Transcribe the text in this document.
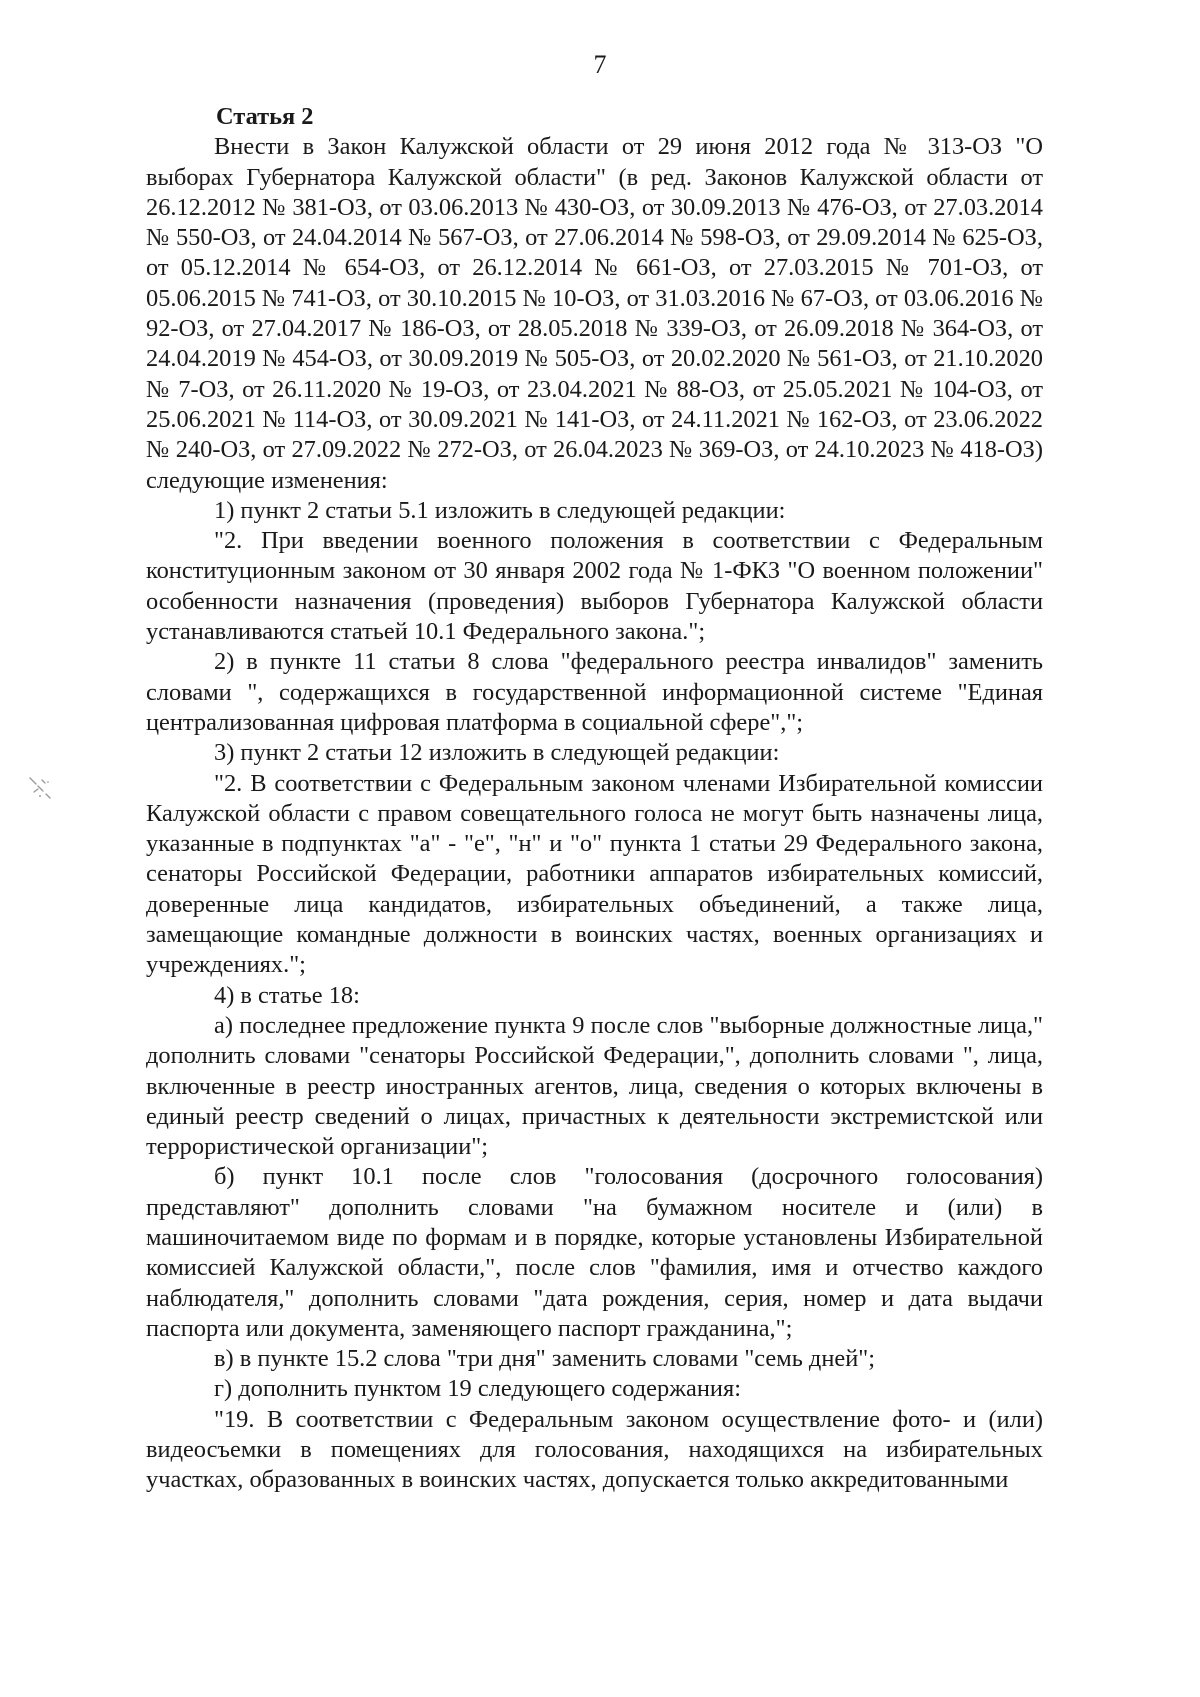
7

Статья 2

Внести в Закон Калужской области от 29 июня 2012 года № 313-ОЗ "О выборах Губернатора Калужской области" (в ред. Законов Калужской области от 26.12.2012 № 381-ОЗ, от 03.06.2013 № 430-ОЗ, от 30.09.2013 № 476-ОЗ, от 27.03.2014 № 550-ОЗ, от 24.04.2014 № 567-ОЗ, от 27.06.2014 № 598-ОЗ, от 29.09.2014 № 625-ОЗ, от 05.12.2014 № 654-ОЗ, от 26.12.2014 № 661-ОЗ, от 27.03.2015 № 701-ОЗ, от 05.06.2015 № 741-ОЗ, от 30.10.2015 № 10-ОЗ, от 31.03.2016 № 67-ОЗ, от 03.06.2016 № 92-ОЗ, от 27.04.2017 № 186-ОЗ, от 28.05.2018 № 339-ОЗ, от 26.09.2018 № 364-ОЗ, от 24.04.2019 № 454-ОЗ, от 30.09.2019 № 505-ОЗ, от 20.02.2020 № 561-ОЗ, от 21.10.2020 № 7-ОЗ, от 26.11.2020 № 19-ОЗ, от 23.04.2021 № 88-ОЗ, от 25.05.2021 № 104-ОЗ, от 25.06.2021 № 114-ОЗ, от 30.09.2021 № 141-ОЗ, от 24.11.2021 № 162-ОЗ, от 23.06.2022 № 240-ОЗ, от 27.09.2022 № 272-ОЗ, от 26.04.2023 № 369-ОЗ, от 24.10.2023 № 418-ОЗ) следующие изменения:

1) пункт 2 статьи 5.1 изложить в следующей редакции:

"2. При введении военного положения в соответствии с Федеральным конституционным законом от 30 января 2002 года № 1-ФКЗ "О военном положении" особенности назначения (проведения) выборов Губернатора Калужской области устанавливаются статьей 10.1 Федерального закона.";

2) в пункте 11 статьи 8 слова "федерального реестра инвалидов" заменить словами ", содержащихся в государственной информационной системе "Единая централизованная цифровая платформа в социальной сфере",";

3) пункт 2 статьи 12 изложить в следующей редакции:

"2. В соответствии с Федеральным законом членами Избирательной комиссии Калужской области с правом совещательного голоса не могут быть назначены лица, указанные в подпунктах "а" - "е", "н" и "о" пункта 1 статьи 29 Федерального закона, сенаторы Российской Федерации, работники аппаратов избирательных комиссий, доверенные лица кандидатов, избирательных объединений, а также лица, замещающие командные должности в воинских частях, военных организациях и учреждениях.";

4) в статье 18:

а) последнее предложение пункта 9 после слов "выборные должностные лица," дополнить словами "сенаторы Российской Федерации,", дополнить словами ", лица, включенные в реестр иностранных агентов, лица, сведения о которых включены в единый реестр сведений о лицах, причастных к деятельности экстремистской или террористической организации";

б) пункт 10.1 после слов "голосования (досрочного голосования) представляют" дополнить словами "на бумажном носителе и (или) в машиночитаемом виде по формам и в порядке, которые установлены Избирательной комиссией Калужской области,", после слов "фамилия, имя и отчество каждого наблюдателя," дополнить словами "дата рождения, серия, номер и дата выдачи паспорта или документа, заменяющего паспорт гражданина,";

в) в пункте 15.2 слова "три дня" заменить словами "семь дней";

г) дополнить пунктом 19 следующего содержания:

"19. В соответствии с Федеральным законом осуществление фото- и (или) видеосъемки в помещениях для голосования, находящихся на избирательных участках, образованных в воинских частях, допускается только аккредитованными
